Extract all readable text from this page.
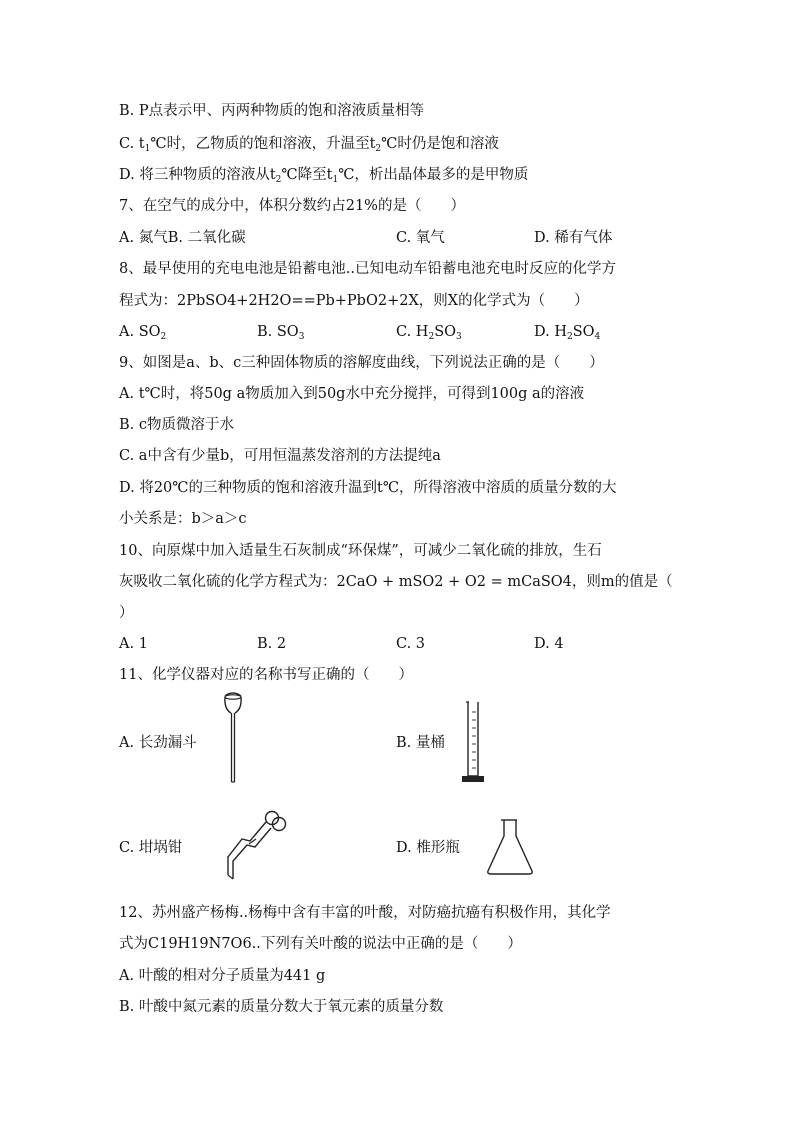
B. P点表示甲、丙两种物质的饱和溶液质量相等
C. $t_1℃$时，乙物质的饱和溶液，升温至$t_2℃$时仍是饱和溶液
D. 将三种物质的溶液从$t_2℃$降至$t_1℃$，析出晶体最多的是甲物质
7、在空气的成分中，体积分数约占21%的是（　　）
A. 氮气B. 二氧化碳	C. 氧气	D. 稀有气体
8、最早使用的充电电池是铅蓄电池..已知电动车铅蓄电池充电时反应的化学方
程式为：2PbSO4+2H2O==Pb+PbO2+2X，则X的化学式为（　　）
A. $SO_2$	B. $SO_3$	C. $H_2SO_3$	D. $H_2SO_4$
9、如图是a、b、c三种固体物质的溶解度曲线，下列说法正确的是（　　）
A. t℃时，将50g a物质加入到50g水中充分搅拌，可得到100g a的溶液
B. c物质微溶于水
C. a中含有少量b，可用恒温蒸发溶剂的方法提纯a
D. 将20℃的三种物质的饱和溶液升温到t℃，所得溶液中溶质的质量分数的大
小关系是：b＞a＞c
10、向原煤中加入适量生石灰制成“环保煤”，可减少二氧化硫的排放，生石
灰吸收二氧化硫的化学方程式为：2CaO + mSO2 + O2 = mCaSO4，则m的值是（
）
A. 1	B. 2	C. 3	D. 4
11、化学仪器对应的名称书写正确的（　　）
A. 长劲漏斗	B. 量桶
C. 坩埚钳	D. 椎形瓶
12、苏州盛产杨梅..杨梅中含有丰富的叶酸，对防癌抗癌有积极作用，其化学
式为C19H19N7O6..下列有关叶酸的说法中正确的是（　　）
A. 叶酸的相对分子质量为441 g
B. 叶酸中氮元素的质量分数大于氧元素的质量分数
